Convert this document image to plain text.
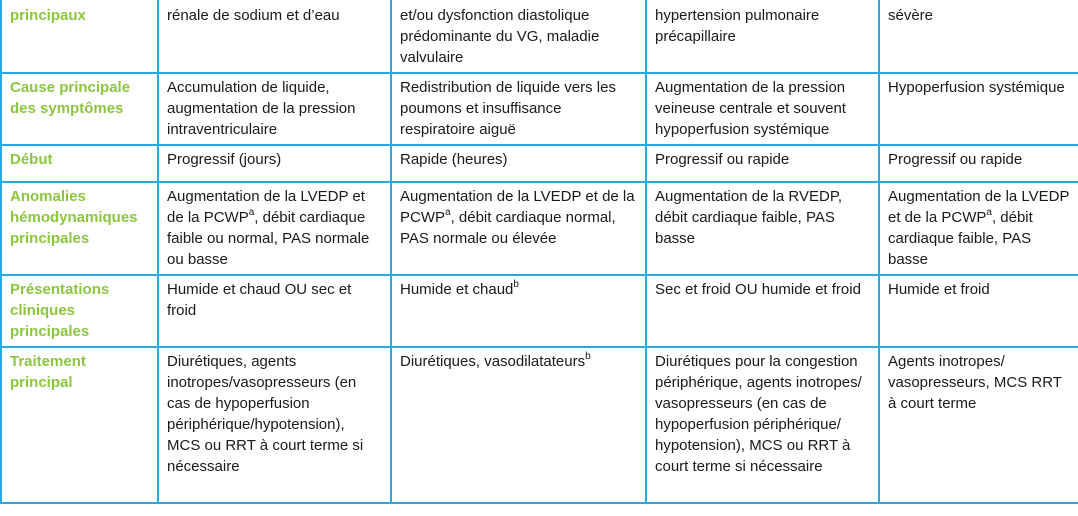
principaux	rénale de sodium et d’eau	et/ou dysfonction diastolique prédominante du VG, maladie valvulaire	hypertension pulmonaire précapillaire	sévère

Cause principale des symptômes	Accumulation de liquide, augmentation de la pression intraventriculaire	Redistribution de liquide vers les poumons et insuffisance respiratoire aiguë	Augmentation de la pression veineuse centrale et souvent hypoperfusion systémique	Hypoperfusion systémique

Début	Progressif (jours)	Rapide (heures)	Progressif ou rapide	Progressif ou rapide

Anomalies hémodynamiques principales	Augmentation de la LVEDP et de la PCWP$^a$, débit cardiaque faible ou normal, PAS normale ou basse	Augmentation de la LVEDP et de la PCWP$^a$, débit cardiaque normal, PAS normale ou élevée	Augmentation de la RVEDP, débit cardiaque faible, PAS basse	Augmentation de la LVEDP et de la PCWP$^a$, débit cardiaque faible, PAS basse

Présentations cliniques principales	Humide et chaud OU sec et froid	Humide et chaud$^b$	Sec et froid OU humide et froid	Humide et froid

Traitement principal	Diurétiques, agents inotropes/vasopresseurs (en cas de hypoperfusion périphérique/hypotension), MCS ou RRT à court terme si nécessaire	Diurétiques, vasodilatateurs$^b$	Diurétiques pour la congestion périphérique, agents inotropes/ vasopresseurs (en cas de hypoperfusion périphérique/ hypotension), MCS ou RRT à court terme si nécessaire	Agents inotropes/ vasopresseurs, MCS RRT à court terme
